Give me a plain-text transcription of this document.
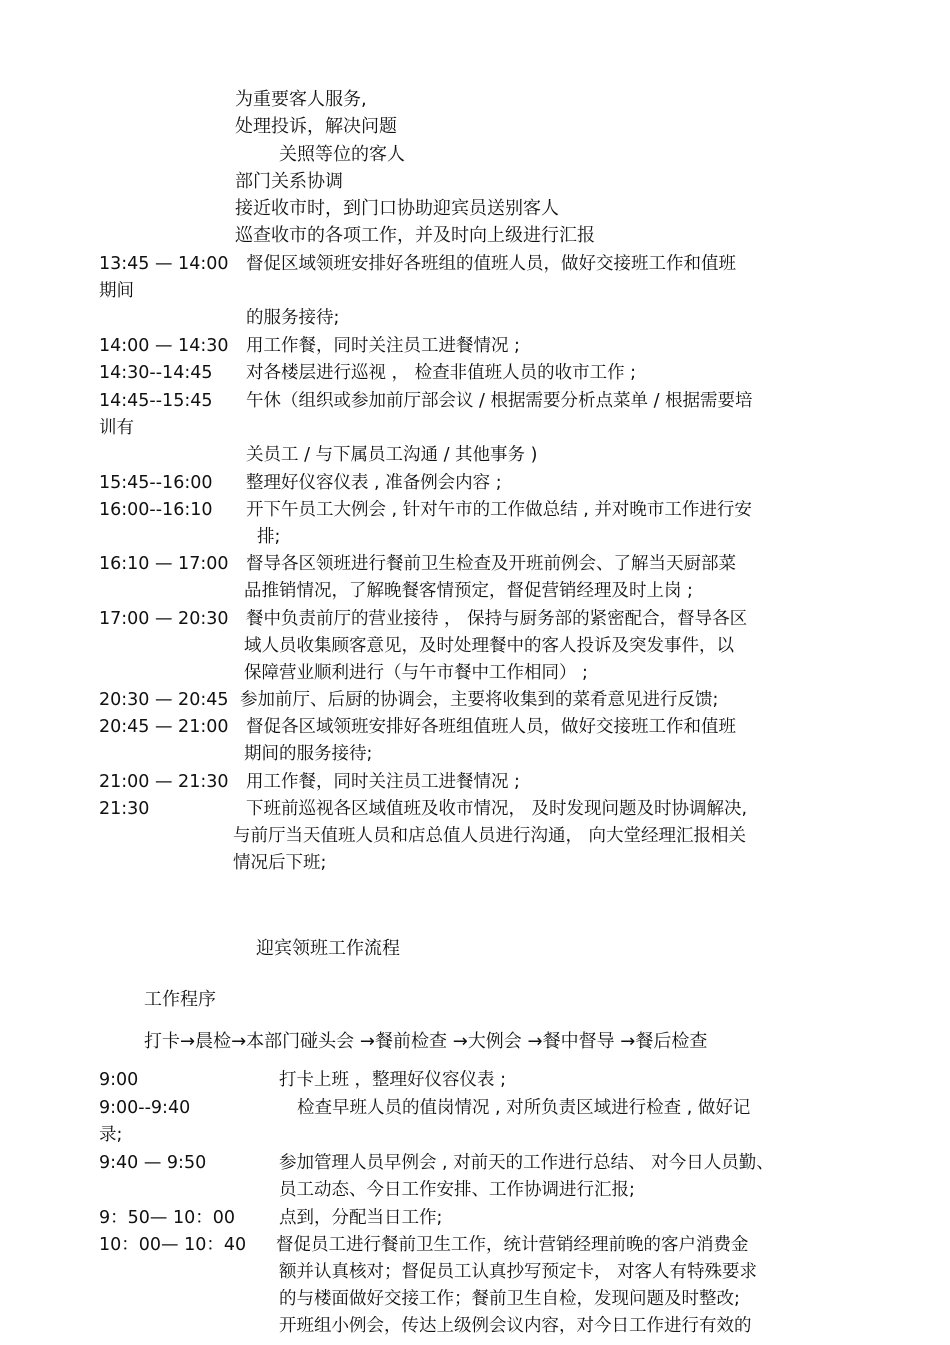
为重要客人服务,
处理投诉，解决问题
关照等位的客人
部门关系协调
接近收市时，到门口协助迎宾员送别客人
巡查收市的各项工作，并及时向上级进行汇报
13:45 — 14:00 督促区域领班安排好各班组的值班人员，做好交接班工作和值班
期间
的服务接待;
14:00 — 14:30 用工作餐，同时关注员工进餐情况 ;
14:30--14:45 对各楼层进行巡视 ， 检查非值班人员的收市工作 ;
14:45--15:45 午休（组织或参加前厅部会议 / 根据需要分析点菜单 / 根据需要培
训有
关员工 / 与下属员工沟通 / 其他事务 )
15:45--16:00 整理好仪容仪表 , 准备例会内容 ;
16:00--16:10 开下午员工大例会 , 针对午市的工作做总结 , 并对晚市工作进行安
排;
16:10 — 17:00 督导各区领班进行餐前卫生检查及开班前例会、了解当天厨部菜
品推销情况，了解晚餐客情预定，督促营销经理及时上岗 ;
17:00 — 20:30 餐中负责前厅的营业接待 ， 保持与厨务部的紧密配合，督导各区
域人员收集顾客意见，及时处理餐中的客人投诉及突发事件，以
保障营业顺利进行（与午市餐中工作相同） ;
20:30 — 20:45 参加前厅、后厨的协调会，主要将收集到的菜肴意见进行反馈;
20:45 — 21:00 督促各区域领班安排好各班组值班人员，做好交接班工作和值班
期间的服务接待;
21:00 — 21:30 用工作餐，同时关注员工进餐情况 ;
21:30	下班前巡视各区域值班及收市情况， 及时发现问题及时协调解决,
与前厅当天值班人员和店总值人员进行沟通， 向大堂经理汇报相关
情况后下班;
迎宾领班工作流程
工作程序
打卡→晨检→本部门碰头会 →餐前检查 →大例会 →餐中督导 →餐后检查
9:00	打卡上班 ，整理好仪容仪表 ;
9:00--9:40	检查早班人员的值岗情况 , 对所负责区域进行检查 , 做好记
录;
9:40 — 9:50	参加管理人员早例会 , 对前天的工作进行总结、 对今日人员勤、
员工动态、今日工作安排、工作协调进行汇报;
9：50— 10：00	点到，分配当日工作;
10：00— 10：40 督促员工进行餐前卫生工作，统计营销经理前晚的客户消费金
额并认真核对；督促员工认真抄写预定卡， 对客人有特殊要求
的与楼面做好交接工作；餐前卫生自检，发现问题及时整改;
开班组小例会，传达上级例会议内容，对今日工作进行有效的
